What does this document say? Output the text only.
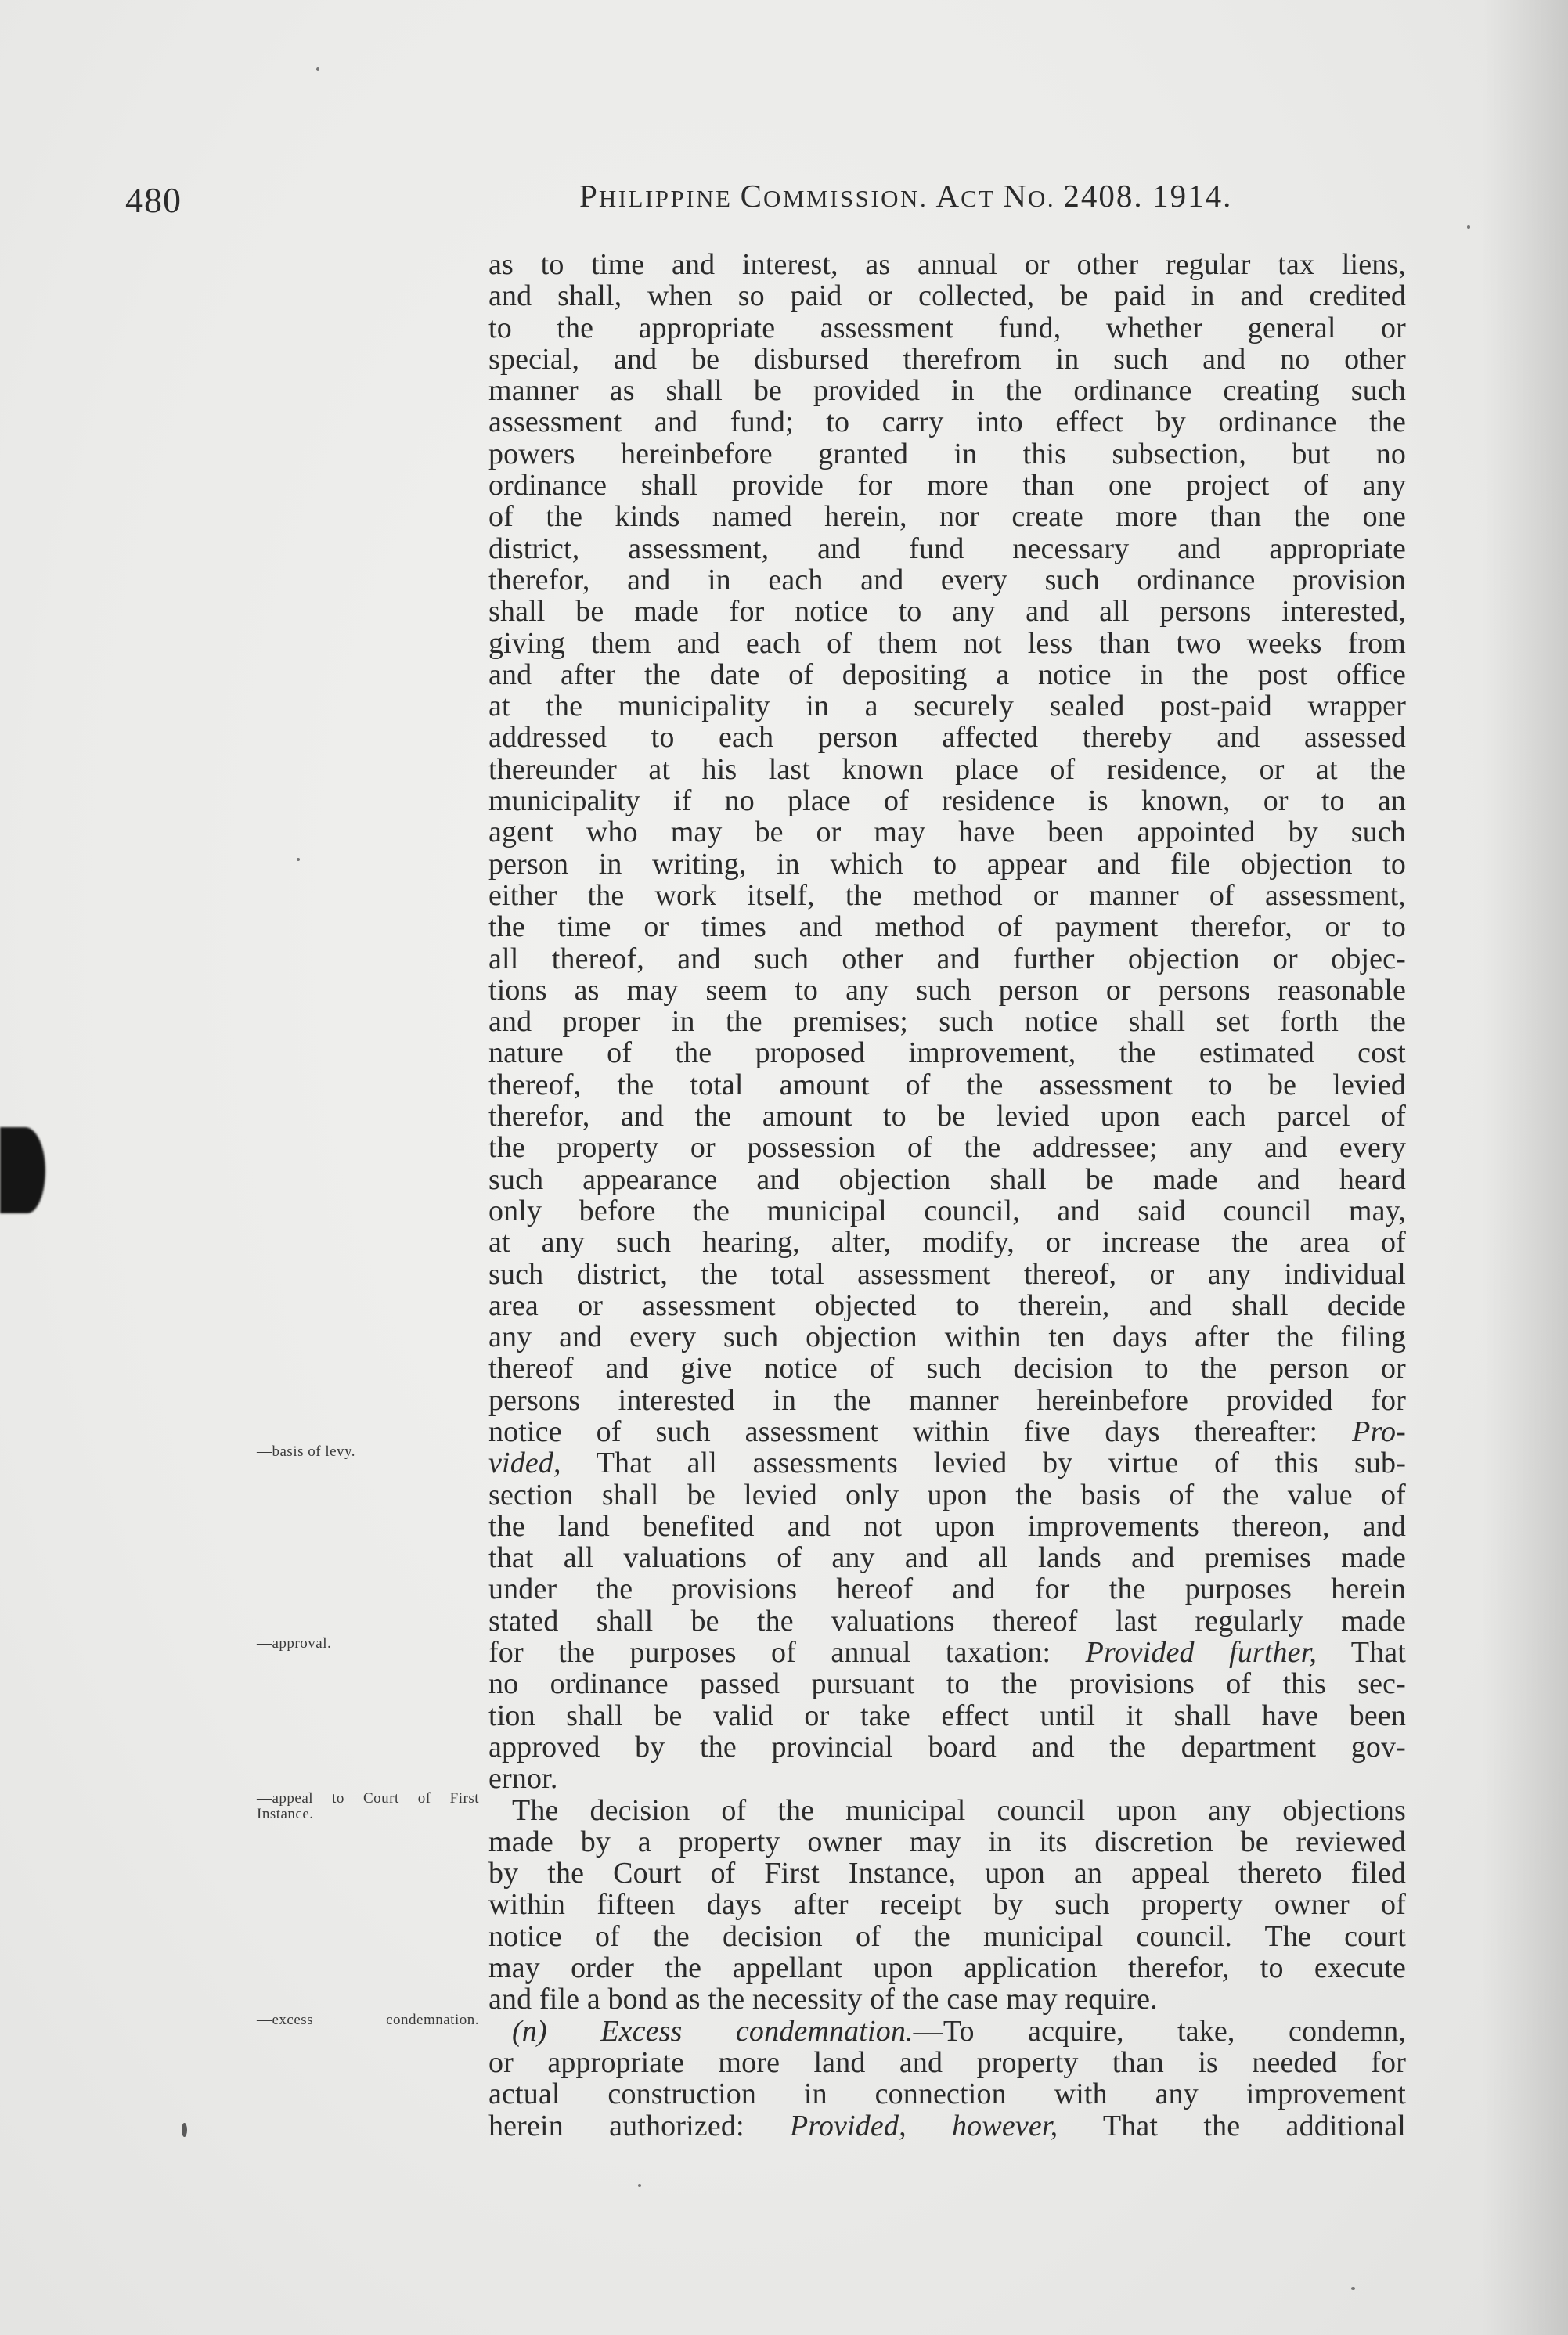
480	PHILIPPINE COMMISSION. ACT NO. 2408. 1914.
—basis of levy.
—approval.
—appeal to Court of First Instance.
—excess condemnation.
as to time and interest, as annual or other regular tax liens,
and shall, when so paid or collected, be paid in and credited
to the appropriate assessment fund, whether general or
special, and be disbursed therefrom in such and no other
manner as shall be provided in the ordinance creating such
assessment and fund; to carry into effect by ordinance the
powers hereinbefore granted in this subsection, but no
ordinance shall provide for more than one project of any
of the kinds named herein, nor create more than the one
district, assessment, and fund necessary and appropriate
therefor, and in each and every such ordinance provision
shall be made for notice to any and all persons interested,
giving them and each of them not less than two weeks from
and after the date of depositing a notice in the post office
at the municipality in a securely sealed post-paid wrapper
addressed to each person affected thereby and assessed
thereunder at his last known place of residence, or at the
municipality if no place of residence is known, or to an
agent who may be or may have been appointed by such
person in writing, in which to appear and file objection to
either the work itself, the method or manner of assessment,
the time or times and method of payment therefor, or to
all thereof, and such other and further objection or objec-
tions as may seem to any such person or persons reasonable
and proper in the premises; such notice shall set forth the
nature of the proposed improvement, the estimated cost
thereof, the total amount of the assessment to be levied
therefor, and the amount to be levied upon each parcel of
the property or possession of the addressee; any and every
such appearance and objection shall be made and heard
only before the municipal council, and said council may,
at any such hearing, alter, modify, or increase the area of
such district, the total assessment thereof, or any individual
area or assessment objected to therein, and shall decide
any and every such objection within ten days after the filing
thereof and give notice of such decision to the person or
persons interested in the manner hereinbefore provided for
notice of such assessment within five days thereafter: Pro-
vided, That all assessments levied by virtue of this sub-
section shall be levied only upon the basis of the value of
the land benefited and not upon improvements thereon, and
that all valuations of any and all lands and premises made
under the provisions hereof and for the purposes herein
stated shall be the valuations thereof last regularly made
for the purposes of annual taxation: Provided further, That
no ordinance passed pursuant to the provisions of this sec-
tion shall be valid or take effect until it shall have been
approved by the provincial board and the department gov-
ernor.
The decision of the municipal council upon any objections
made by a property owner may in its discretion be reviewed
by the Court of First Instance, upon an appeal thereto filed
within fifteen days after receipt by such property owner of
notice of the decision of the municipal council. The court
may order the appellant upon application therefor, to execute
and file a bond as the necessity of the case may require.
(n) Excess condemnation.—To acquire, take, condemn,
or appropriate more land and property than is needed for
actual construction in connection with any improvement
herein authorized: Provided, however, That the additional
